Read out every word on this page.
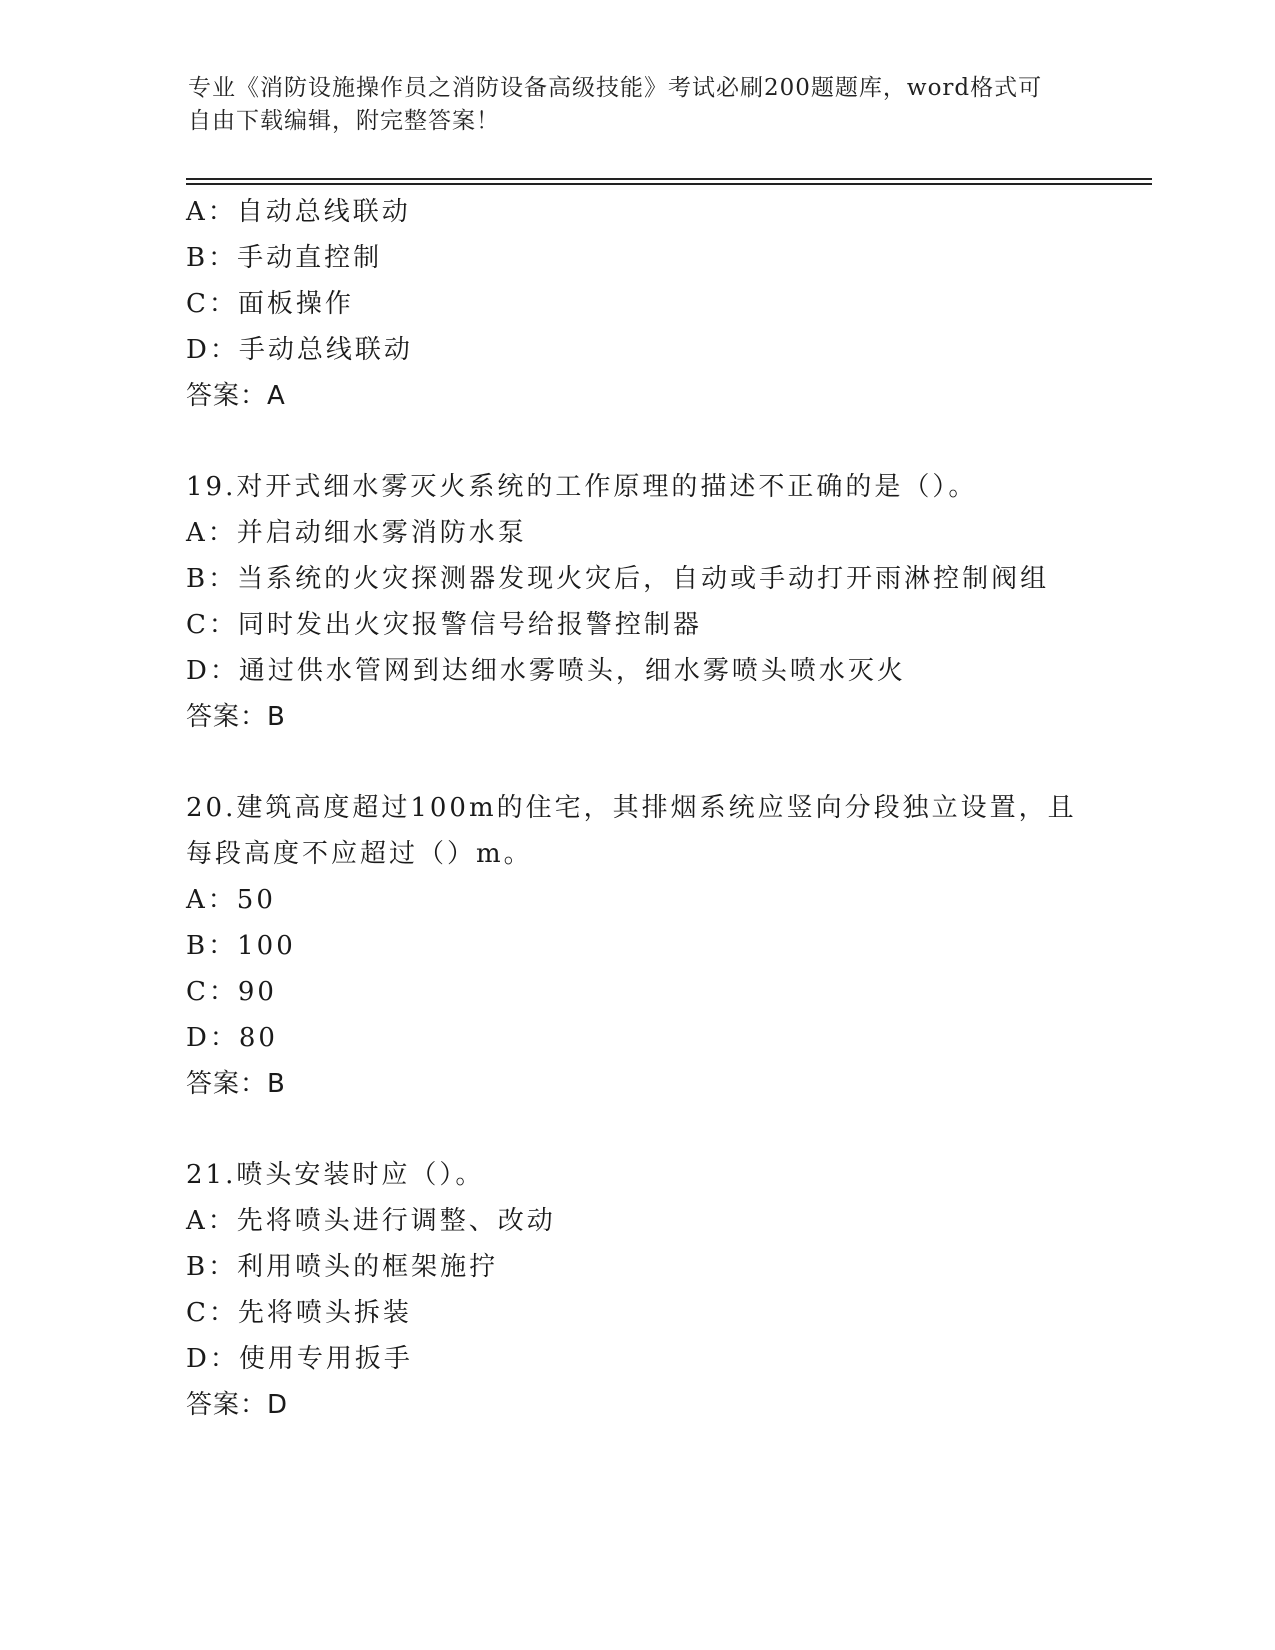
专业《消防设施操作员之消防设备高级技能》考试必刷200题题库，word格式可
自由下载编辑，附完整答案！
A：自动总线联动
B：手动直控制
C：面板操作
D：手动总线联动
答案：A
19.对开式细水雾灭火系统的工作原理的描述不正确的是（）。
A：并启动细水雾消防水泵
B：当系统的火灾探测器发现火灾后，自动或手动打开雨淋控制阀组
C：同时发出火灾报警信号给报警控制器
D：通过供水管网到达细水雾喷头，细水雾喷头喷水灭火
答案：B
20.建筑高度超过100m的住宅，其排烟系统应竖向分段独立设置，且
每段高度不应超过（）m。
A：50
B：100
C：90
D：80
答案：B
21.喷头安装时应（）。
A：先将喷头进行调整、改动
B：利用喷头的框架施拧
C：先将喷头拆装
D：使用专用扳手
答案：D
